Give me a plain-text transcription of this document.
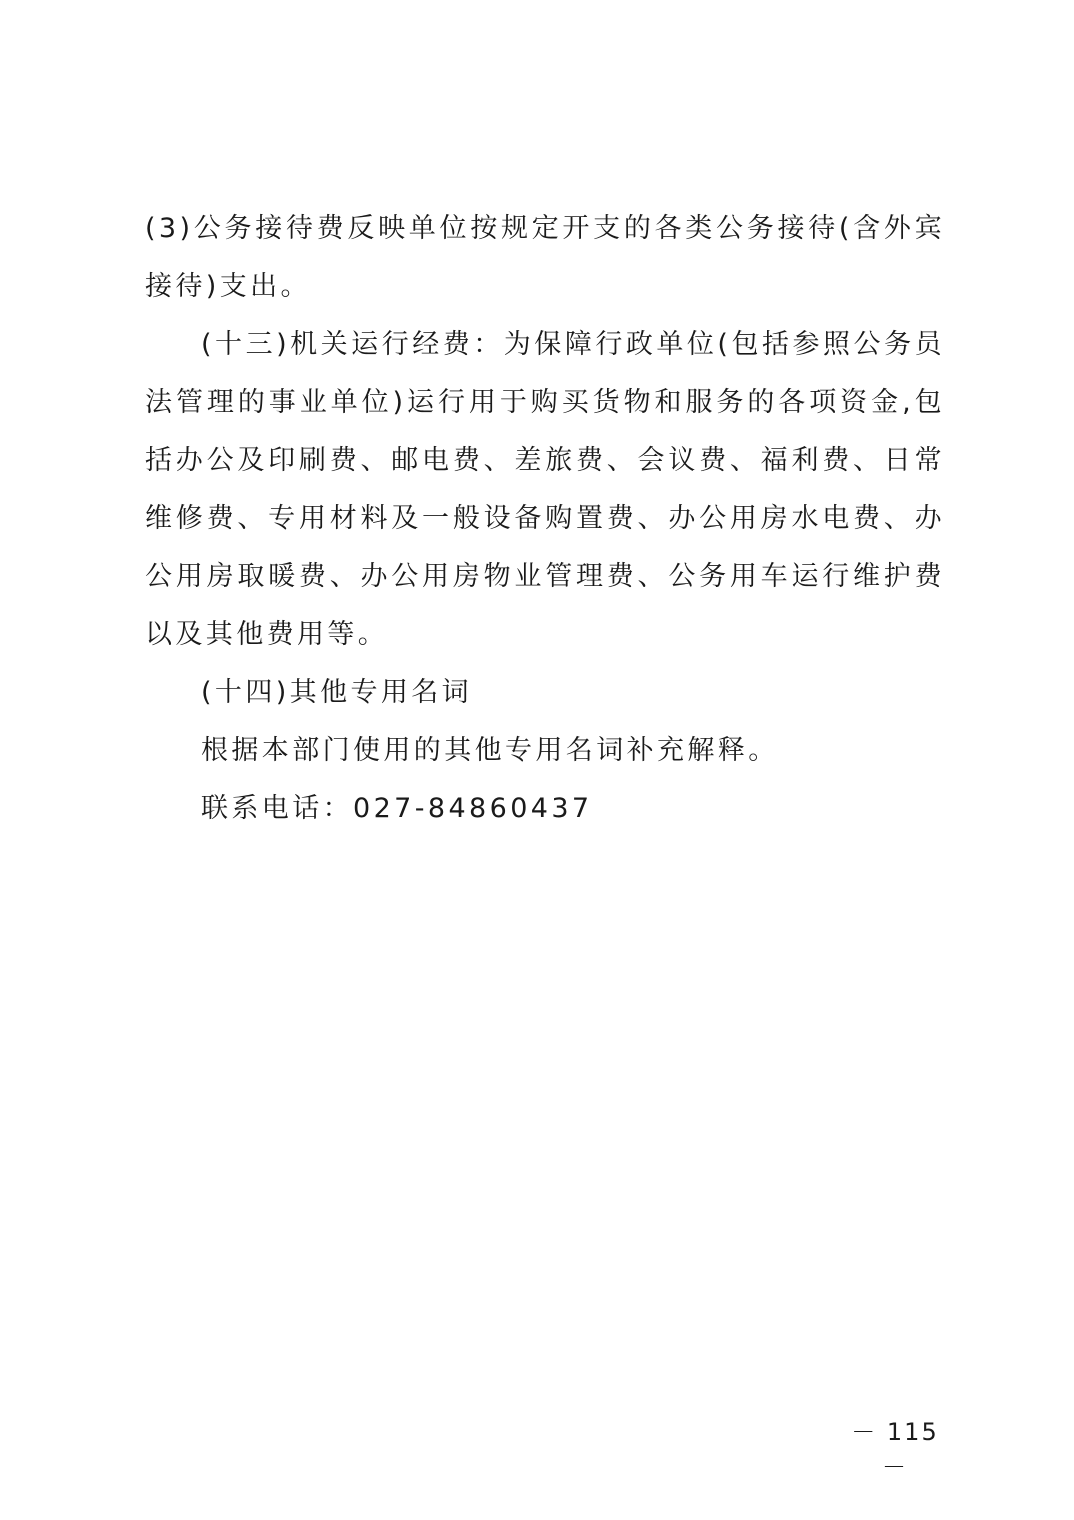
(3)公务接待费反映单位按规定开支的各类公务接待(含外宾接待)支出。

(十三)机关运行经费：为保障行政单位(包括参照公务员法管理的事业单位)运行用于购买货物和服务的各项资金,包括办公及印刷费、邮电费、差旅费、会议费、福利费、日常维修费、专用材料及一般设备购置费、办公用房水电费、办公用房取暖费、办公用房物业管理费、公务用车运行维护费以及其他费用等。

(十四)其他专用名词

根据本部门使用的其他专用名词补充解释。

联系电话：027-84860437

－ 115 －
